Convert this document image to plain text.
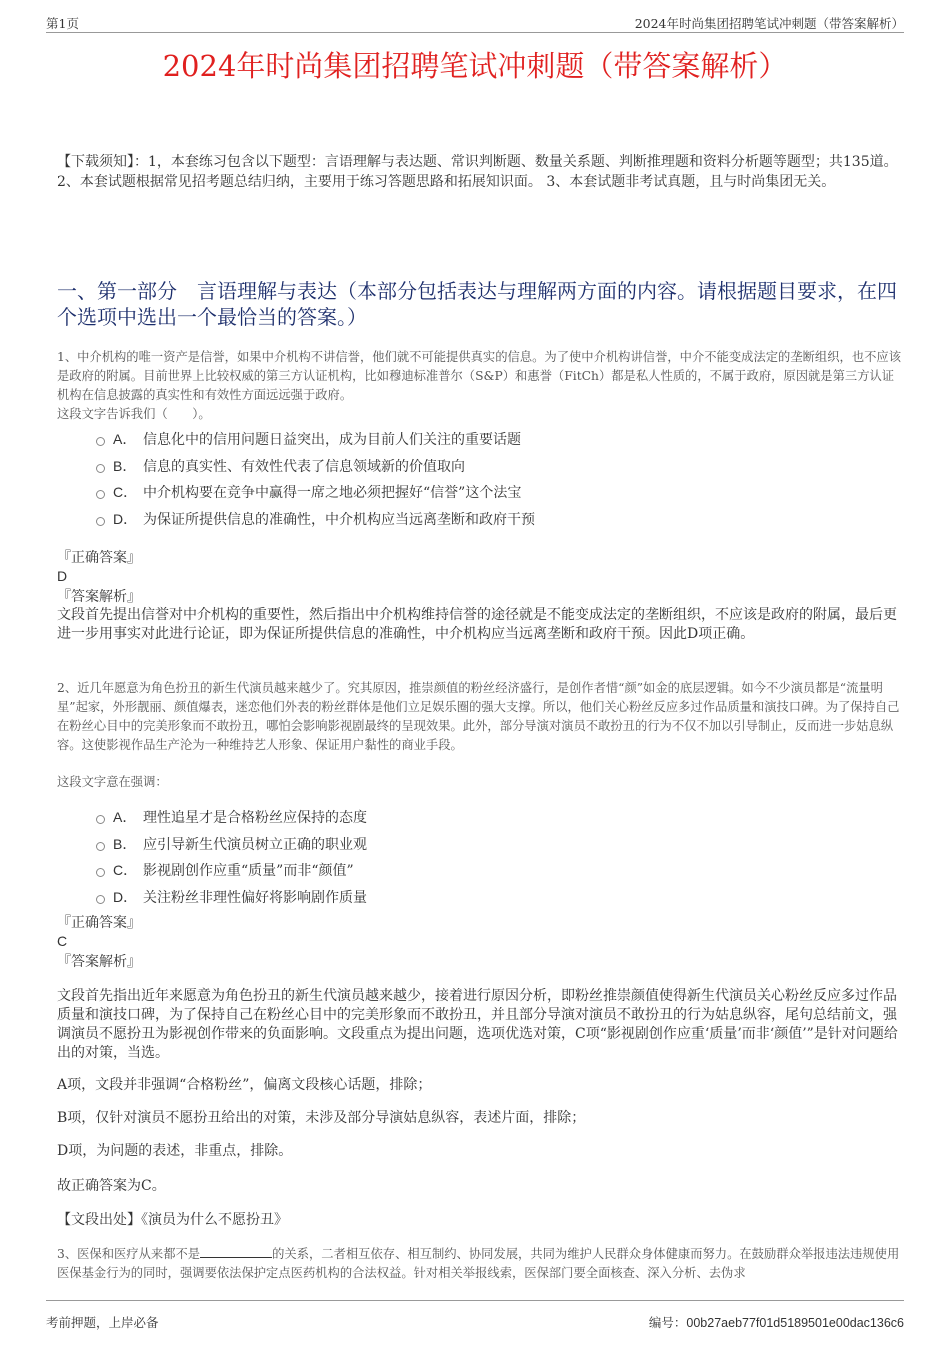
第1页	2024年时尚集团招聘笔试冲刺题（带答案解析）
2024年时尚集团招聘笔试冲刺题（带答案解析）
【下载须知】：1，本套练习包含以下题型：言语理解与表达题、常识判断题、数量关系题、判断推理题和资料分析题等题型；共135道。 2、本套试题根据常见招考题总结归纳，主要用于练习答题思路和拓展知识面。 3、本套试题非考试真题，且与时尚集团无关。
一、第一部分　言语理解与表达（本部分包括表达与理解两方面的内容。请根据题目要求，在四个选项中选出一个最恰当的答案。）
1、中介机构的唯一资产是信誉，如果中介机构不讲信誉，他们就不可能提供真实的信息。为了使中介机构讲信誉，中介不能变成法定的垄断组织，也不应该是政府的附属。目前世界上比较权威的第三方认证机构，比如穆迪标准普尔（S&P）和惠誉（FitCh）都是私人性质的，不属于政府，原因就是第三方认证机构在信息披露的真实性和有效性方面远远强于政府。
这段文字告诉我们（　　）。
A． 信息化中的信用问题日益突出，成为目前人们关注的重要话题
B． 信息的真实性、有效性代表了信息领域新的价值取向
C． 中介机构要在竞争中赢得一席之地必须把握好“信誉”这个法宝
D． 为保证所提供信息的准确性，中介机构应当远离垄断和政府干预
『正确答案』
D
『答案解析』
文段首先提出信誉对中介机构的重要性，然后指出中介机构维持信誉的途径就是不能变成法定的垄断组织，不应该是政府的附属，最后更进一步用事实对此进行论证，即为保证所提供信息的准确性，中介机构应当远离垄断和政府干预。因此D项正确。
2、近几年愿意为角色扮丑的新生代演员越来越少了。究其原因，推崇颜值的粉丝经济盛行，是创作者惜“颜”如金的底层逻辑。如今不少演员都是“流量明星”起家，外形靓丽、颜值爆表，迷恋他们外表的粉丝群体是他们立足娱乐圈的强大支撑。所以，他们关心粉丝反应多过作品质量和演技口碑。为了保持自己在粉丝心目中的完美形象而不敢扮丑，哪怕会影响影视剧最终的呈现效果。此外，部分导演对演员不敢扮丑的行为不仅不加以引导制止，反而进一步姑息纵容。这使影视作品生产沦为一种维持艺人形象、保证用户黏性的商业手段。
这段文字意在强调：
A． 理性追星才是合格粉丝应保持的态度
B． 应引导新生代演员树立正确的职业观
C． 影视剧创作应重“质量”而非“颜值”
D． 关注粉丝非理性偏好将影响剧作质量
『正确答案』
C
『答案解析』
文段首先指出近年来愿意为角色扮丑的新生代演员越来越少，接着进行原因分析，即粉丝推崇颜值使得新生代演员关心粉丝反应多过作品质量和演技口碑，为了保持自己在粉丝心目中的完美形象而不敢扮丑，并且部分导演对演员不敢扮丑的行为姑息纵容，尾句总结前文，强调演员不愿扮丑为影视创作带来的负面影响。文段重点为提出问题，选项优选对策，C项“影视剧创作应重‘质量’而非‘颜值’”是针对问题给出的对策，当选。
A项，文段并非强调“合格粉丝”，偏离文段核心话题，排除；
B项，仅针对演员不愿扮丑给出的对策，未涉及部分导演姑息纵容，表述片面，排除；
D项，为问题的表述，非重点，排除。
故正确答案为C。
【文段出处】《演员为什么不愿扮丑》
3、医保和医疗从来都不是	的关系，二者相互依存、相互制约、协同发展，共同为维护人民群众身体健康而努力。在鼓励群众举报违法违规使用医保基金行为的同时，强调要依法保护定点医药机构的合法权益。针对相关举报线索，医保部门要全面核查、深入分析、去伪求
考前押题，上岸必备	编号：00b27aeb77f01d5189501e00dac136c6
